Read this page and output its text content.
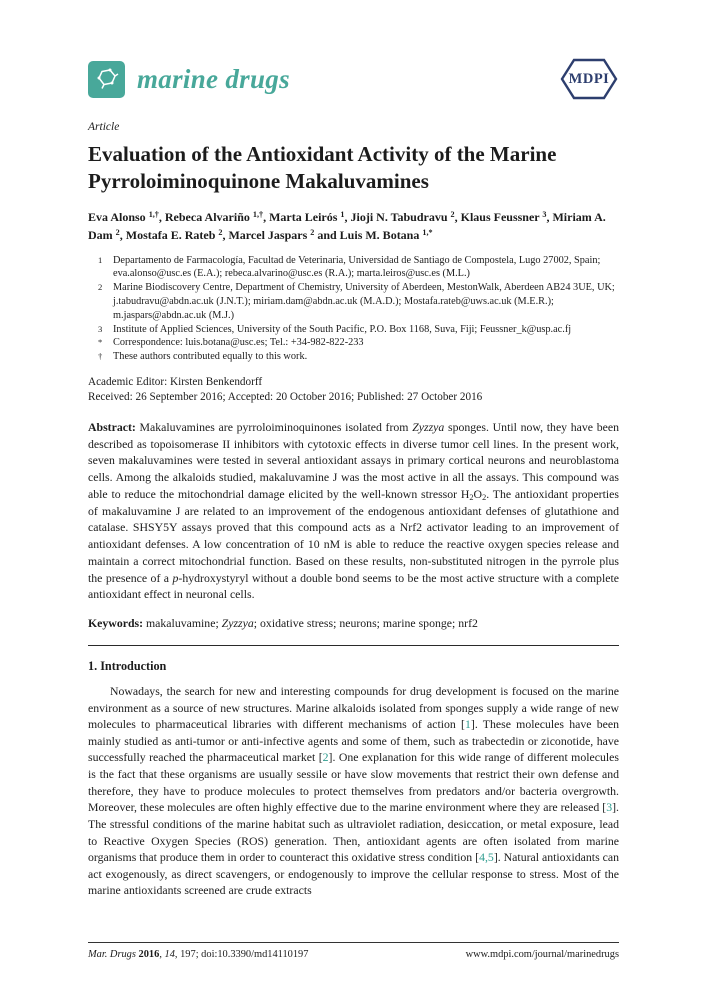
marine drugs	MDPI
Article
Evaluation of the Antioxidant Activity of the Marine Pyrroloiminoquinone Makaluvamines

Eva Alonso $^{1,\dagger}$, Rebeca Alvariño $^{1,\dagger}$, Marta Leirós $^1$, Jioji N. Tabudravu $^2$, Klaus Feussner $^3$, Miriam A. Dam $^2$, Mostafa E. Rateb $^2$, Marcel Jaspars $^2$ and Luis M. Botana $^{1,*}$

1	Departamento de Farmacología, Facultad de Veterinaria, Universidad de Santiago de Compostela, Lugo 27002, Spain; eva.alonso@usc.es (E.A.); rebeca.alvarino@usc.es (R.A.); marta.leiros@usc.es (M.L.)
2	Marine Biodiscovery Centre, Department of Chemistry, University of Aberdeen, MestonWalk, Aberdeen AB24 3UE, UK; j.tabudravu@abdn.ac.uk (J.N.T.); miriam.dam@abdn.ac.uk (M.A.D.); Mostafa.rateb@uws.ac.uk (M.E.R.); m.jaspars@abdn.ac.uk (M.J.)
3	Institute of Applied Sciences, University of the South Pacific, P.O. Box 1168, Suva, Fiji; Feussner_k@usp.ac.fj
*	Correspondence: luis.botana@usc.es; Tel.: +34-982-822-233
†	These authors contributed equally to this work.

Academic Editor: Kirsten Benkendorff

Received: 26 September 2016; Accepted: 20 October 2016; Published: 27 October 2016

Abstract: Makaluvamines are pyrroloiminoquinones isolated from Zyzzya sponges. Until now, they have been described as topoisomerase II inhibitors with cytotoxic effects in diverse tumor cell lines. In the present work, seven makaluvamines were tested in several antioxidant assays in primary cortical neurons and neuroblastoma cells. Among the alkaloids studied, makaluvamine J was the most active in all the assays. This compound was able to reduce the mitochondrial damage elicited by the well-known stressor H2O2. The antioxidant properties of makaluvamine J are related to an improvement of the endogenous antioxidant defenses of glutathione and catalase. SHSY5Y assays proved that this compound acts as a Nrf2 activator leading to an improvement of antioxidant defenses. A low concentration of 10 nM is able to reduce the reactive oxygen species release and maintain a correct mitochondrial function. Based on these results, non-substituted nitrogen in the pyrrole plus the presence of a p-hydroxystyryl without a double bond seems to be the most active structure with a complete antioxidant effect in neuronal cells.

Keywords: makaluvamine; Zyzzya; oxidative stress; neurons; marine sponge; nrf2

1. Introduction

Nowadays, the search for new and interesting compounds for drug development is focused on the marine environment as a source of new structures. Marine alkaloids isolated from sponges supply a wide range of new molecules to pharmaceutical libraries with different mechanisms of action [1]. These molecules have been mainly studied as anti-tumor or anti-infective agents and some of them, such as trabectedin or ziconotide, have successfully reached the pharmaceutical market [2]. One explanation for this wide range of different molecules is the fact that these organisms are usually sessile or have slow movements that restrict their own defense and therefore, they have to produce molecules to protect themselves from predators and/or bacteria overgrowth. Moreover, these molecules are often highly effective due to the marine environment where they are released [3]. The stressful conditions of the marine habitat such as ultraviolet radiation, desiccation, or metal exposure, lead to Reactive Oxygen Species (ROS) generation. Then, antioxidant agents are often isolated from marine organisms that produce them in order to counteract this oxidative stress condition [4,5]. Natural antioxidants can act exogenously, as direct scavengers, or endogenously to improve the cellular response to stress. Most of the marine antioxidants screened are crude extracts

Mar. Drugs 2016, 14, 197; doi:10.3390/md14110197	www.mdpi.com/journal/marinedrugs
